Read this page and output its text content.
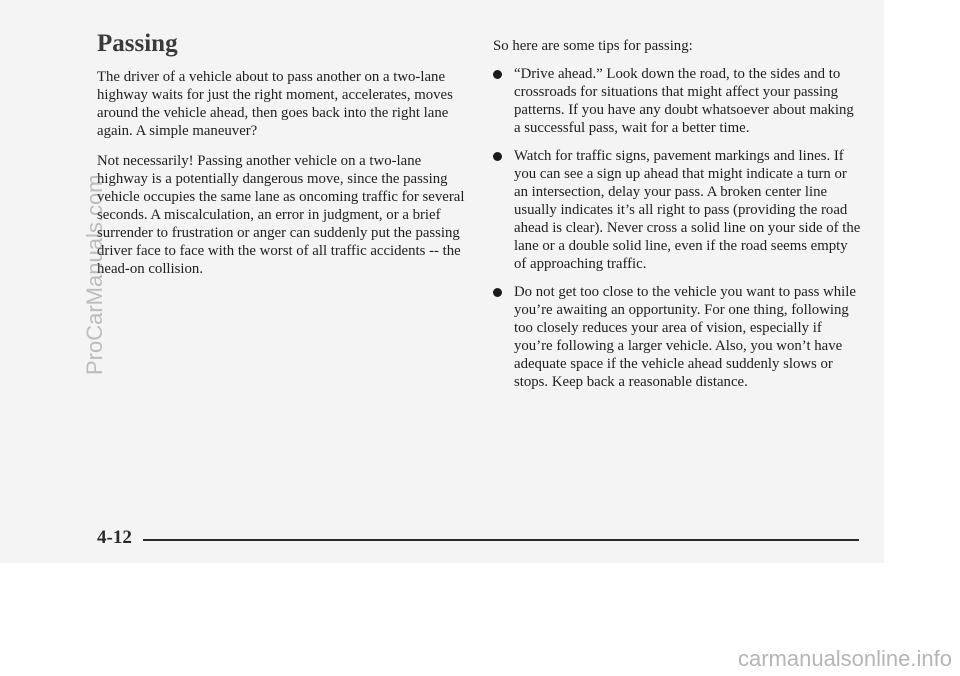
Passing

The driver of a vehicle about to pass another on a two-lane highway waits for just the right moment, accelerates, moves around the vehicle ahead, then goes back into the right lane again. A simple maneuver?

Not necessarily! Passing another vehicle on a two-lane highway is a potentially dangerous move, since the passing vehicle occupies the same lane as oncoming traffic for several seconds. A miscalculation, an error in judgment, or a brief surrender to frustration or anger can suddenly put the passing driver face to face with the worst of all traffic accidents -- the head-on collision.

So here are some tips for passing:

“Drive ahead.” Look down the road, to the sides and to crossroads for situations that might affect your passing patterns. If you have any doubt whatsoever about making a successful pass, wait for a better time.
Watch for traffic signs, pavement markings and lines. If you can see a sign up ahead that might indicate a turn or an intersection, delay your pass. A broken center line usually indicates it’s all right to pass (providing the road ahead is clear). Never cross a solid line on your side of the lane or a double solid line, even if the road seems empty of approaching traffic.
Do not get too close to the vehicle you want to pass while you’re awaiting an opportunity. For one thing, following too closely reduces your area of vision, especially if you’re following a larger vehicle. Also, you won’t have adequate space if the vehicle ahead suddenly slows or stops. Keep back a reasonable distance.
4-12
ProCarManuals.com
carmanualsonline.info
